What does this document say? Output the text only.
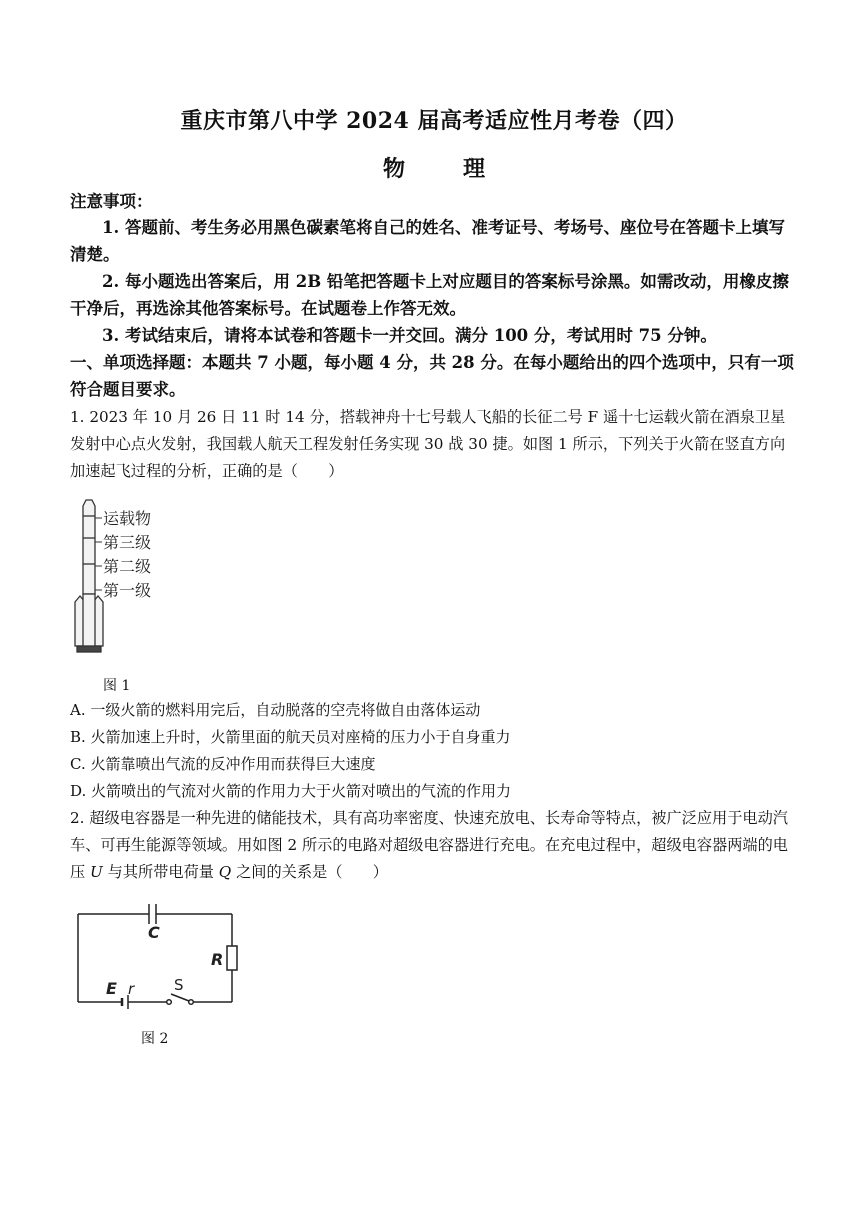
重庆市第八中学 2024 届高考适应性月考卷（四）
物　理
注意事项：
1. 答题前、考生务必用黑色碳素笔将自己的姓名、准考证号、考场号、座位号在答题卡上填写清楚。
2. 每小题选出答案后，用 2B 铅笔把答题卡上对应题目的答案标号涂黑。如需改动，用橡皮擦干净后，再选涂其他答案标号。在试题卷上作答无效。
3. 考试结束后，请将本试卷和答题卡一并交回。满分 100 分，考试用时 75 分钟。
一、单项选择题：本题共 7 小题，每小题 4 分，共 28 分。在每小题给出的四个选项中，只有一项符合题目要求。
1. 2023 年 10 月 26 日 11 时 14 分，搭载神舟十七号载人飞船的长征二号 F 遥十七运载火箭在酒泉卫星发射中心点火发射，我国载人航天工程发射任务实现 30 战 30 捷。如图 1 所示，下列关于火箭在竖直方向加速起飞过程的分析，正确的是（　　）
运载物
第三级
第二级
第一级
图 1
A. 一级火箭的燃料用完后，自动脱落的空壳将做自由落体运动
B. 火箭加速上升时，火箭里面的航天员对座椅的压力小于自身重力
C. 火箭靠喷出气流的反冲作用而获得巨大速度
D. 火箭喷出的气流对火箭的作用力大于火箭对喷出的气流的作用力
2. 超级电容器是一种先进的储能技术，具有高功率密度、快速充放电、长寿命等特点，被广泛应用于电动汽车、可再生能源等领域。用如图 2 所示的电路对超级电容器进行充电。在充电过程中，超级电容器两端的电压 U 与其所带电荷量 Q 之间的关系是（　　）
C
R
E r	S
图 2
